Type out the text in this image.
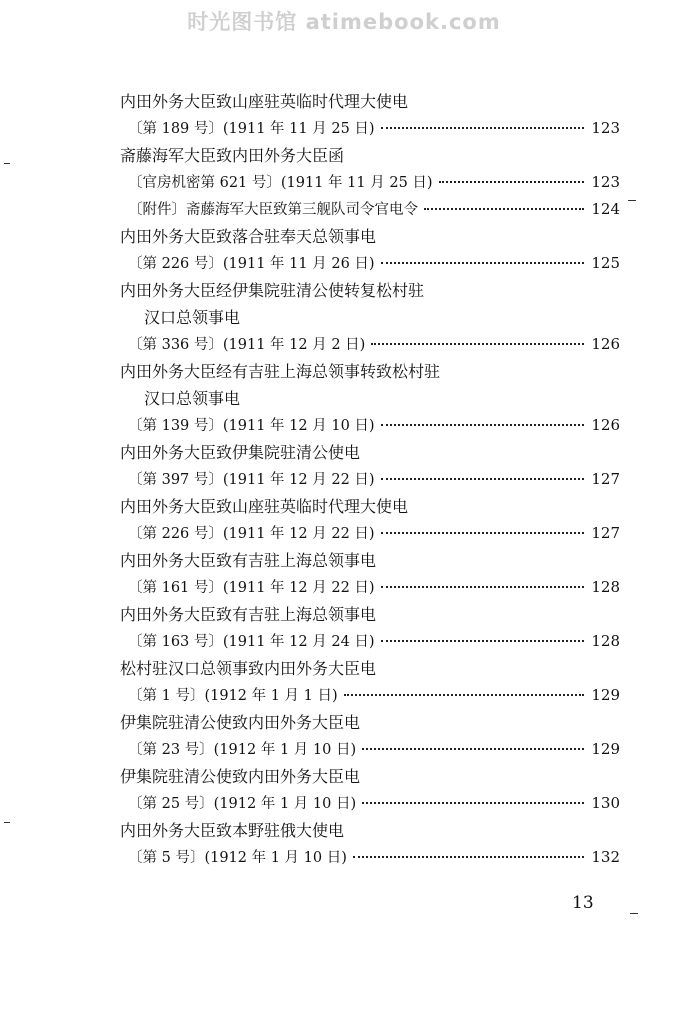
时光图书馆 atimebook.com
内田外务大臣致山座驻英临时代理大使电
〔第 189 号〕(1911 年 11 月 25 日)	123
斋藤海军大臣致内田外务大臣函
〔官房机密第 621 号〕(1911 年 11 月 25 日)	123
〔附件〕斋藤海军大臣致第三舰队司令官电令	124
内田外务大臣致落合驻奉天总领事电
〔第 226 号〕(1911 年 11 月 26 日)	125
内田外务大臣经伊集院驻清公使转复松村驻
汉口总领事电
〔第 336 号〕(1911 年 12 月 2 日)	126
内田外务大臣经有吉驻上海总领事转致松村驻
汉口总领事电
〔第 139 号〕(1911 年 12 月 10 日)	126
内田外务大臣致伊集院驻清公使电
〔第 397 号〕(1911 年 12 月 22 日)	127
内田外务大臣致山座驻英临时代理大使电
〔第 226 号〕(1911 年 12 月 22 日)	127
内田外务大臣致有吉驻上海总领事电
〔第 161 号〕(1911 年 12 月 22 日)	128
内田外务大臣致有吉驻上海总领事电
〔第 163 号〕(1911 年 12 月 24 日)	128
松村驻汉口总领事致内田外务大臣电
〔第 1 号〕(1912 年 1 月 1 日)	129
伊集院驻清公使致内田外务大臣电
〔第 23 号〕(1912 年 1 月 10 日)	129
伊集院驻清公使致内田外务大臣电
〔第 25 号〕(1912 年 1 月 10 日)	130
内田外务大臣致本野驻俄大使电
〔第 5 号〕(1912 年 1 月 10 日)	132
13
